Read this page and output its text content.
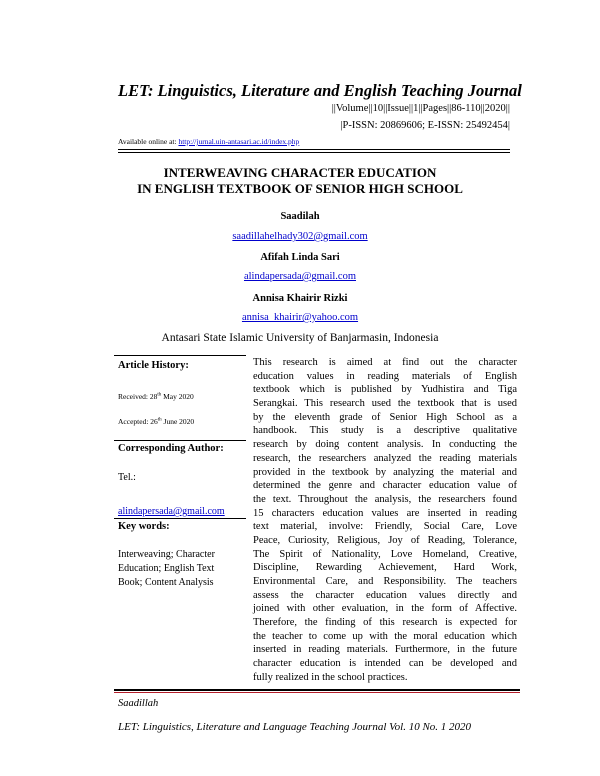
LET: Linguistics, Literature and English Teaching Journal
||Volume||10||Issue||1||Pages||86-110||2020||
|P-ISSN: 20869606; E-ISSN: 25492454|
Available online at: http://jurnal.uin-antasari.ac.id/index.php
INTERWEAVING CHARACTER EDUCATION
IN ENGLISH TEXTBOOK OF SENIOR HIGH SCHOOL
Saadilah
saadillahelhady302@gmail.com
Afifah Linda Sari
alindapersada@gmail.com
Annisa Khairir Rizki
annisa_khairir@yahoo.com
Antasari State Islamic University of Banjarmasin, Indonesia
Article History:
Received: 28th May 2020
Accepted: 26th June 2020
Corresponding Author:
Tel.:
alindapersada@gmail.com
Key words:
Interweaving; Character
Education; English Text
Book; Content Analysis
This research is aimed at find out the character
education values in reading materials of English
textbook which is published by Yudhistira and Tiga
Serangkai. This research used the textbook that is used
by the eleventh grade of Senior High School as a
handbook. This study is a descriptive qualitative
research by doing content analysis. In conducting the
research, the researchers analyzed the reading materials
provided in the textbook by analyzing the material and
determined the genre and character education value of
the text. Throughout the analysis, the researchers found
15 characters education values are inserted in reading
text material, involve: Friendly, Social Care, Love
Peace, Curiosity, Religious, Joy of Reading, Tolerance,
The Spirit of Nationality, Love Homeland, Creative,
Discipline, Rewarding Achievement, Hard Work,
Environmental Care, and Responsibility. The teachers
assess the character education values directly and
joined with other evaluation, in the form of Affective.
Therefore, the finding of this research is expected for
the teacher to come up with the moral education which
inserted in reading materials. Furthermore, in the future
character education is intended can be developed and
fully realized in the school practices.
Saadillah
LET: Linguistics, Literature and Language Teaching Journal Vol. 10 No. 1 2020
